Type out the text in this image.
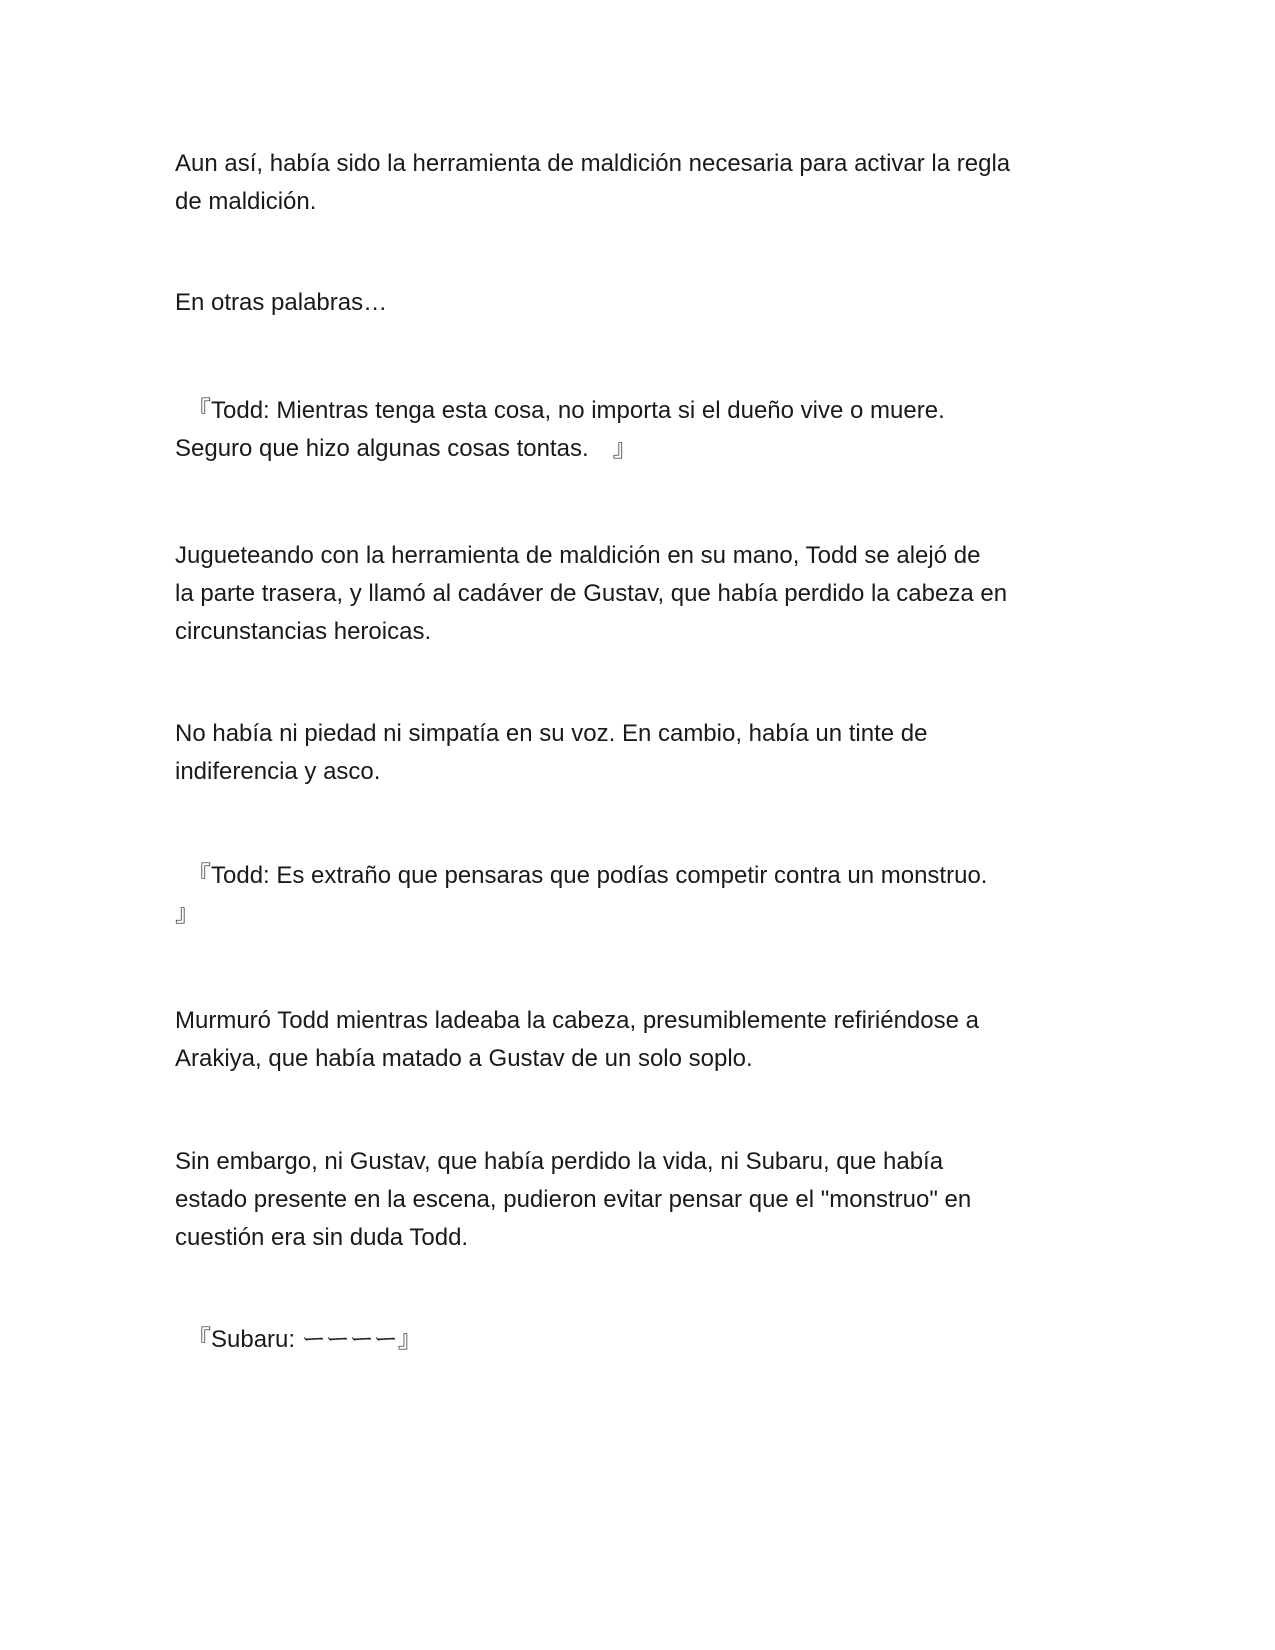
Aun así, había sido la herramienta de maldición necesaria para activar la regla
de maldición.

En otras palabras…

　『Todd: Mientras tenga esta cosa, no importa si el dueño vive o muere.
Seguro que hizo algunas cosas tontas.　』

Jugueteando con la herramienta de maldición en su mano, Todd se alejó de
la parte trasera, y llamó al cadáver de Gustav, que había perdido la cabeza en
circunstancias heroicas.

No había ni piedad ni simpatía en su voz. En cambio, había un tinte de
indiferencia y asco.

　『Todd: Es extraño que pensaras que podías competir contra un monstruo.
』

Murmuró Todd mientras ladeaba la cabeza, presumiblemente refiriéndose a
Arakiya, que había matado a Gustav de un solo soplo.

Sin embargo, ni Gustav, que había perdido la vida, ni Subaru, que había
estado presente en la escena, pudieron evitar pensar que el "monstruo" en
cuestión era sin duda Todd.

　『Subaru: ーーーー』
